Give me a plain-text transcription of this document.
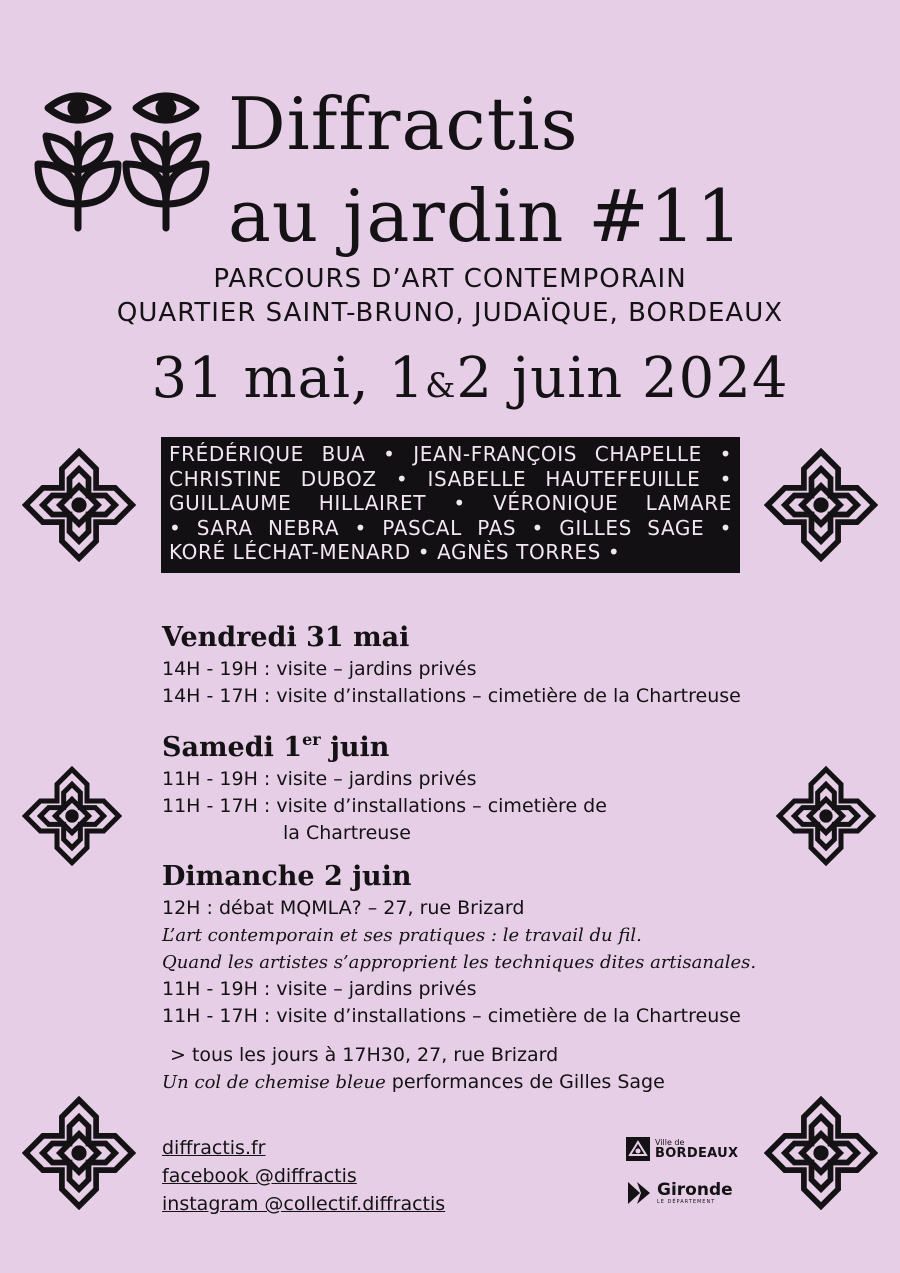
Diffractis
au jardin #11
PARCOURS D’ART CONTEMPORAIN
QUARTIER SAINT-BRUNO, JUDAÏQUE, BORDEAUX
31 mai, 1&2 juin 2024
FRÉDÉRIQUE BUA • JEAN-FRANÇOIS CHAPELLE •
CHRISTINE DUBOZ • ISABELLE HAUTEFEUILLE •
GUILLAUME HILLAIRET • VÉRONIQUE LAMARE
• SARA NEBRA • PASCAL PAS • GILLES SAGE •
KORÉ LÉCHAT-MENARD • AGNÈS TORRES •
Vendredi 31 mai
14H - 19H : visite – jardins privés
14H - 17H : visite d’installations – cimetière de la Chartreuse
Samedi 1er juin
11H - 19H : visite – jardins privés
11H - 17H : visite d’installations – cimetière de
la Chartreuse
Dimanche 2 juin
12H : débat MQMLA? – 27, rue Brizard
L’art contemporain et ses pratiques : le travail du fil.
Quand les artistes s’approprient les techniques dites artisanales.
11H - 19H : visite – jardins privés
11H - 17H : visite d’installations – cimetière de la Chartreuse
> tous les jours à 17H30, 27, rue Brizard
Un col de chemise bleue performances de Gilles Sage
diffractis.fr
facebook @diffractis
instagram @collectif.diffractis
Ville de
BORDEAUX
Gironde
LE DÉPARTEMENT
